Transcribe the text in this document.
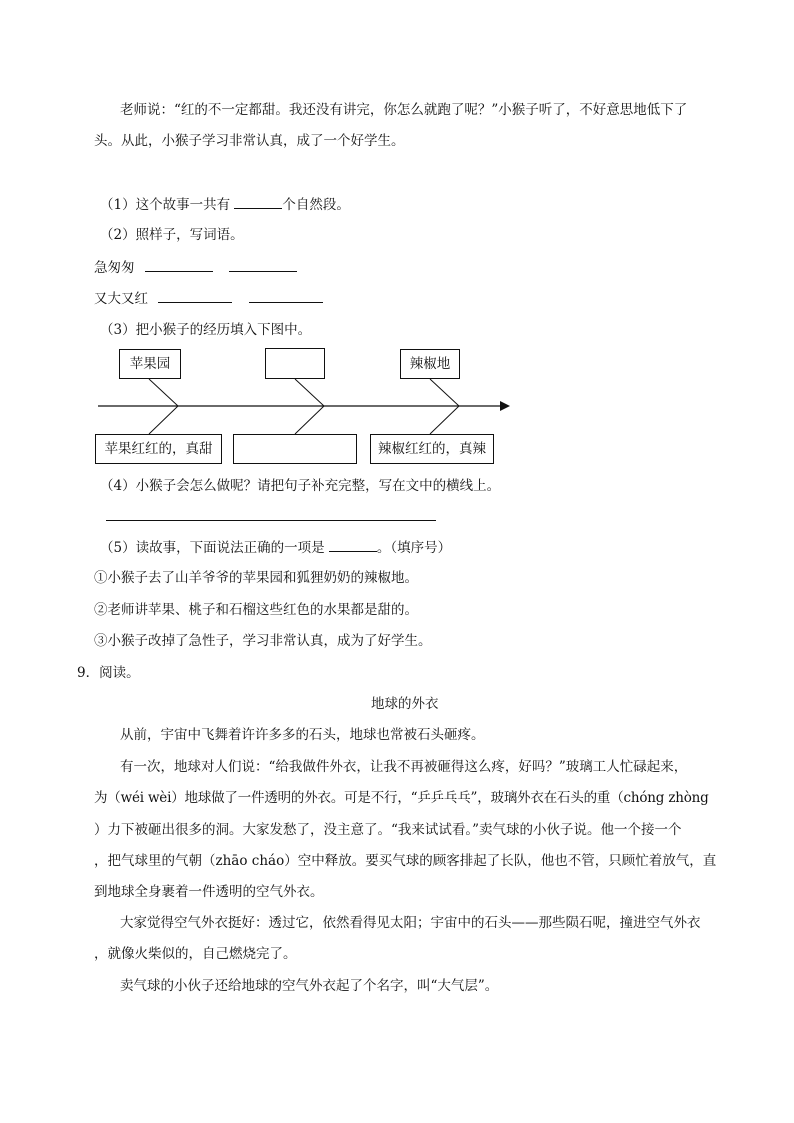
老师说：“红的不一定都甜。我还没有讲完，你怎么就跑了呢？”小猴子听了，不好意思地低下了
头。从此，小猴子学习非常认真，成了一个好学生。
（1）这个故事一共有	个自然段。
（2）照样子，写词语。
急匆匆
又大又红
（3）把小猴子的经历填入下图中。
苹果园	辣椒地
苹果红红的，真甜	辣椒红红的，真辣
（4）小猴子会怎么做呢？请把句子补充完整，写在文中的横线上。
（5）读故事，下面说法正确的一项是	。（填序号）
①小猴子去了山羊爷爷的苹果园和狐狸奶奶的辣椒地。
②老师讲苹果、桃子和石榴这些红色的水果都是甜的。
③小猴子改掉了急性子，学习非常认真，成为了好学生。
9．阅读。
地球的外衣
从前，宇宙中飞舞着许许多多的石头，地球也常被石头砸疼。
有一次，地球对人们说：“给我做件外衣，让我不再被砸得这么疼，好吗？”玻璃工人忙碌起来，
为（wéi wèi）地球做了一件透明的外衣。可是不行，“乒乒乓乓”，玻璃外衣在石头的重（chóng zhòng
）力下被砸出很多的洞。大家发愁了，没主意了。“我来试试看。”卖气球的小伙子说。他一个接一个
，把气球里的气朝（zhāo cháo）空中释放。要买气球的顾客排起了长队，他也不管，只顾忙着放气，直
到地球全身裹着一件透明的空气外衣。
大家觉得空气外衣挺好：透过它，依然看得见太阳；宇宙中的石头——那些陨石呢，撞进空气外衣
，就像火柴似的，自己燃烧完了。
卖气球的小伙子还给地球的空气外衣起了个名字，叫“大气层”。
